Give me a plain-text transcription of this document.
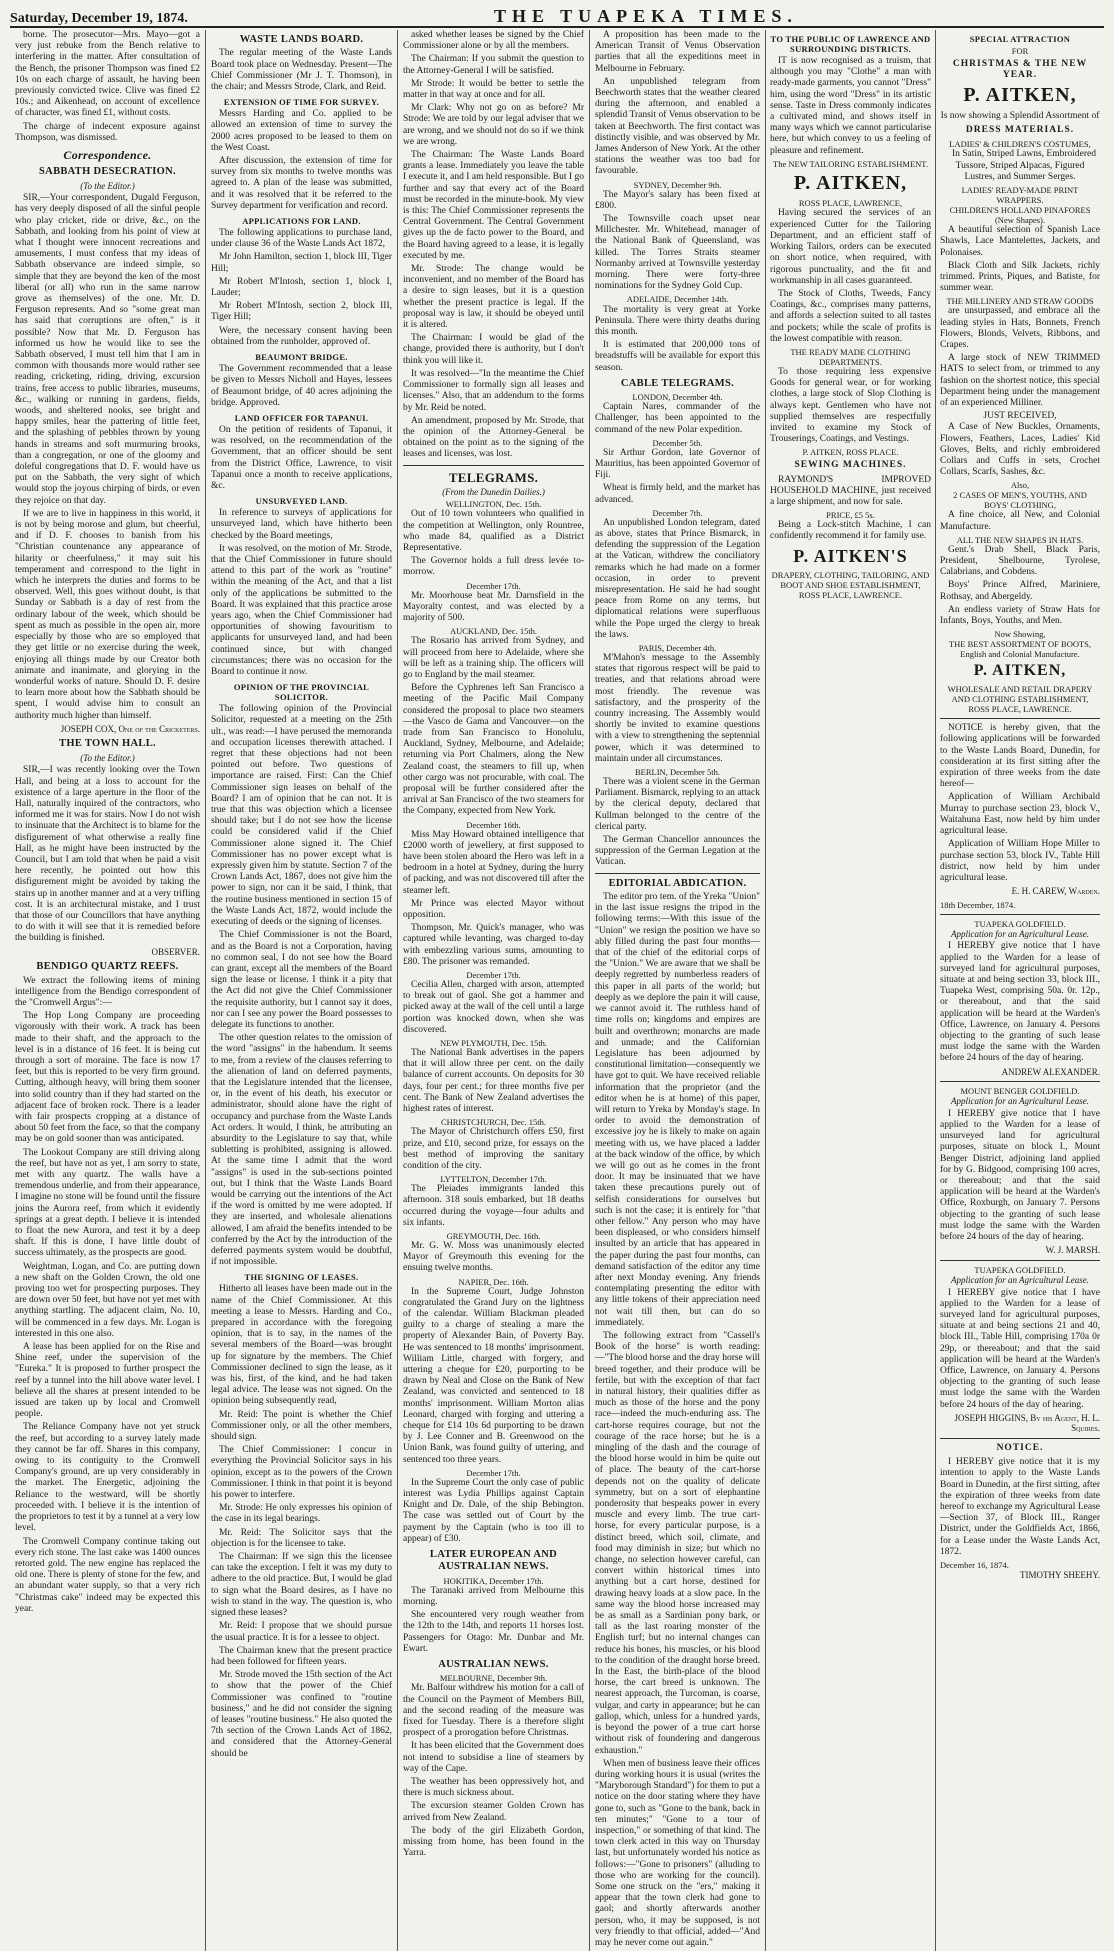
Saturday, December 19, 1874.	THE TUAPEKA TIMES.

borne. The prosecutor—Mrs. Mayo—got a very just rebuke from the Bench relative to interfering in the matter. After consultation of the Bench, the prisoner Thompson was fined £2 10s on each charge of assault, he having been previously convicted twice. Clive was fined £2 10s.; and Aikenhead, on account of excellence of character, was fined £1, without costs.

The charge of indecent exposure against Thompson, was dismissed.

Correspondence.
SABBATH DESECRATION.
(To the Editor.)

SIR,—Your correspondent, Dugald Ferguson, has very deeply disposed of all the sinful people who play cricket, ride or drive, &c., on the Sabbath, and looking from his point of view at what I thought were innocent recreations and amusements, I must confess that my ideas of Sabbath observance are indeed simple, so simple that they are beyond the ken of the most liberal (or all) who run in the same narrow grove as themselves) of the one. Mr. D. Ferguson represents. And so "some great man has said that corruptions are often," is it possible? Now that Mr. D. Ferguson has informed us how he would like to see the Sabbath observed, I must tell him that I am in common with thousands more would rather see reading, cricketing, riding, driving, excursion trains, free access to public libraries, museums, &c., walking or running in gardens, fields, woods, and sheltered nooks, see bright and happy smiles, hear the pattering of little feet, and the splashing of pebbles thrown by young hands in streams and soft murmuring brooks, than a congregation, or one of the gloomy and doleful congregations that D. F. would have us put on the Sabbath, the very sight of which would stop the joyous chirping of birds, or even they rejoice on that day.

If we are to live in happiness in this world, it is not by being morose and glum, but cheerful, and if D. F. chooses to banish from his "Christian countenance any appearance of hilarity or cheerfulness," it may suit his temperament and correspond to the light in which he interprets the duties and forms to be observed. Well, this goes without doubt, is that Sunday or Sabbath is a day of rest from the ordinary labour of the week, which should be spent as much as possible in the open air, more especially by those who are so employed that they get little or no exercise during the week, enjoying all things made by our Creator both animate and inanimate, and glorying in the wonderful works of nature. Should D. F. desire to learn more about how the Sabbath should be spent, I would advise him to consult an authority much higher than himself.

JOSEPH COX, One of the Cricketers.
THE TOWN HALL.
(To the Editor.)

SIR,—I was recently looking over the Town Hall, and being at a loss to account for the existence of a large aperture in the floor of the Hall, naturally inquired of the contractors, who informed me it was for stairs. Now I do not wish to insinuate that the Architect is to blame for the disfigurement of what otherwise a really fine Hall, as he might have been instructed by the Council, but I am told that when he paid a visit here recently, he pointed out how this disfigurement might be avoided by taking the stairs up in another manner and at a very trifling cost. It is an architectural mistake, and I trust that those of our Councillors that have anything to do with it will see that it is remedied before the building is finished.

OBSERVER.
BENDIGO QUARTZ REEFS.

We extract the following items of mining intelligence from the Bendigo correspondent of the "Cromwell Argus":—

The Hop Long Company are proceeding vigorously with their work. A track has been made to their shaft, and the approach to the level is in a distance of 16 feet. It is being cut through a sort of moraine. The face is now 17 feet, but this is reported to be very firm ground. Cutting, although heavy, will bring them sooner into solid country than if they had started on the adjacent face of broken rock. There is a leader with fair prospects cropping at a distance of about 50 feet from the face, so that the company may be on gold sooner than was anticipated.

The Lookout Company are still driving along the reef, but have not as yet, I am sorry to state, met with any quartz. The walls have a tremendous underlie, and from their appearance, I imagine no stone will be found until the fissure joins the Aurora reef, from which it evidently springs at a great depth. I believe it is intended to float the new Aurora, and test it by a deep shaft. If this is done, I have little doubt of success ultimately, as the prospects are good.

Weightman, Logan, and Co. are putting down a new shaft on the Golden Crown, the old one proving too wet for prospecting purposes. They are down over 50 feet, but have not yet met with anything startling. The adjacent claim, No. 10, will be commenced in a few days. Mr. Logan is interested in this one also.

A lease has been applied for on the Rise and Shine reef, under the supervision of the "Eureka." It is proposed to further prospect the reef by a tunnel into the hill above water level. I believe all the shares at present intended to be issued are taken up by local and Cromwell people.

The Reliance Company have not yet struck the reef, but according to a survey lately made they cannot be far off. Shares in this company, owing to its contiguity to the Cromwell Company's ground, are up very considerably in the market. The Energetic, adjoining the Reliance to the westward, will be shortly proceeded with. I believe it is the intention of the proprietors to test it by a tunnel at a very low level.

The Cromwell Company continue taking out every rich stone. The last cake was 1400 ounces retorted gold. The new engine has replaced the old one. There is plenty of stone for the few, and an abundant water supply, so that a very rich "Christmas cake" indeed may be expected this year.

WASTE LANDS BOARD.

The regular meeting of the Waste Lands Board took place on Wednesday. Present—The Chief Commissioner (Mr J. T. Thomson), in the chair; and Messrs Strode, Clark, and Reid.

EXTENSION OF TIME FOR SURVEY.

Messrs Harding and Co. applied to be allowed an extension of time to survey the 2000 acres proposed to be leased to them on the West Coast.

After discussion, the extension of time for survey from six months to twelve months was agreed to. A plan of the lease was submitted, and it was resolved that it be referred to the Survey department for verification and record.

APPLICATIONS FOR LAND.

The following applications to purchase land, under clause 36 of the Waste Lands Act 1872,

Mr John Hamilton, section 1, block III, Tiger Hill;

Mr Robert M'Intosh, section 1, block I, Lauder;

Mr Robert M'Intosh, section 2, block III, Tiger Hill;

Were, the necessary consent having been obtained from the runholder, approved of.

BEAUMONT BRIDGE.

The Government recommended that a lease be given to Messrs Nicholl and Hayes, lessees of Beaumont bridge, of 40 acres adjoining the bridge. Approved.

LAND OFFICER FOR TAPANUI.

On the petition of residents of Tapanui, it was resolved, on the recommendation of the Government, that an officer should be sent from the District Office, Lawrence, to visit Tapanui once a month to receive applications, &c.

UNSURVEYED LAND.

In reference to surveys of applications for unsurveyed land, which have hitherto been checked by the Board meetings,

It was resolved, on the motion of Mr. Strode, that the Chief Commissioner in future should attend to this part of the work as "routine" within the meaning of the Act, and that a list only of the applications be submitted to the Board. It was explained that this practice arose years ago, when the Chief Commissioner had opportunities of showing favouritism to applicants for unsurveyed land, and had been continued since, but with changed circumstances; there was no occasion for the Board to continue it now.

OPINION OF THE PROVINCIAL SOLICITOR.

The following opinion of the Provincial Solicitor, requested at a meeting on the 25th ult., was read:—I have perused the memoranda and occupation licenses therewith attached. I regret that these objections had not been pointed out before. Two questions of importance are raised. First: Can the Chief Commissioner sign leases on behalf of the Board? I am of opinion that he can not. It is true that this was objection which a licensee should take; but I do not see how the license could be considered valid if the Chief Commissioner alone signed it. The Chief Commissioner has no power except what is expressly given him by statute. Section 7 of the Crown Lands Act, 1867, does not give him the power to sign, nor can it be said, I think, that the routine business mentioned in section 15 of the Waste Lands Act, 1872, would include the executing of deeds or the signing of licenses.

The Chief Commissioner is not the Board, and as the Board is not a Corporation, having no common seal, I do not see how the Board can grant, except all the members of the Board sign the lease or license. I think it a pity that the Act did not give the Chief Commissioner the requisite authority, but I cannot say it does, nor can I see any power the Board possesses to delegate its functions to another.

The other question relates to the omission of the word "assigns" in the habendum. It seems to me, from a review of the clauses referring to the alienation of land on deferred payments, that the Legislature intended that the licensee, or, in the event of his death, his executor or administrator, should alone have the right of occupancy and purchase from the Waste Lands Act orders. It would, I think, be attributing an absurdity to the Legislature to say that, while subletting is prohibited, assigning is allowed. At the same time I admit that the word "assigns" is used in the sub-sections pointed out, but I think that the Waste Lands Board would be carrying out the intentions of the Act if the word is omitted by me were adopted. If they are inserted, and wholesale alienations allowed, I am afraid the benefits intended to be conferred by the Act by the introduction of the deferred payments system would be doubtful, if not impossible.

THE SIGNING OF LEASES.

Hitherto all leases have been made out in the name of the Chief Commissioner. At this meeting a lease to Messrs. Harding and Co., prepared in accordance with the foregoing opinion, that is to say, in the names of the several members of the Board—was brought up for signature by the members. The Chief Commissioner declined to sign the lease, as it was his, first, of the kind, and he had taken legal advice. The lease was not signed. On the opinion being subsequently read,

Mr. Reid: The point is whether the Chief Commissioner only, or all the other members, should sign.

The Chief Commissioner: I concur in everything the Provincial Solicitor says in his opinion, except as to the powers of the Crown Commissioner. I think in that point it is beyond his power to interfere.

Mr. Strode: He only expresses his opinion of the case in its legal bearings.

Mr. Reid: The Solicitor says that the objection is for the licensee to take.

The Chairman: If we sign this the licensee can take the exception. I felt it was my duty to adhere to the old practice. But, I would be glad to sign what the Board desires, as I have no wish to stand in the way. The question is, who signed these leases?

Mr. Reid: I propose that we should pursue the usual practice. It is for a lessee to object.

The Chairman knew that the present practice had been followed for fifteen years.

Mr. Strode moved the 15th section of the Act to show that the power of the Chief Commissioner was confined to "routine business," and he did not consider the signing of leases "routine business." He also quoted the 7th section of the Crown Lands Act of 1862, and considered that the Attorney-General should be

asked whether leases be signed by the Chief Commissioner alone or by all the members.

The Chairman: If you submit the question to the Attorney-General I will be satisfied.

Mr Strode: It would be better to settle the matter in that way at once and for all.

Mr Clark: Why not go on as before? Mr Strode: We are told by our legal adviser that we are wrong, and we should not do so if we think we are wrong.

The Chairman: The Waste Lands Board grants a lease. Immediately you leave the table I execute it, and I am held responsible. But I go further and say that every act of the Board must be recorded in the minute-book. My view is this: The Chief Commissioner represents the Central Government. The Central Government gives up the de facto power to the Board, and the Board having agreed to a lease, it is legally executed by me.

Mr. Strode: The change would be inconvenient, and no member of the Board has a desire to sign leases, but it is a question whether the present practice is legal. If the proposal way is law, it should be obeyed until it is altered.

The Chairman: I would be glad of the change, provided there is authority, but I don't think you will like it.

It was resolved—"In the meantime the Chief Commissioner to formally sign all leases and licenses." Also, that an addendum to the forms by Mr. Reid be noted.

An amendment, proposed by Mr. Strode, that the opinion of the Attorney-General be obtained on the point as to the signing of the leases and licenses, was lost.

TELEGRAMS.
(From the Dunedin Dailies.)
WELLINGTON, Dec. 15th.

Out of 10 town volunteers who qualified in the competition at Wellington, only Rountree, who made 84, qualified as a District Representative.

The Governor holds a full dress levée to-morrow.

December 17th.

Mr. Moorhouse beat Mr. Darnsfield in the Mayoralty contest, and was elected by a majority of 500.

AUCKLAND, Dec. 15th.

The Rosario has arrived from Sydney, and will proceed from here to Adelaide, where she will be left as a training ship. The officers will go to England by the mail steamer.

Before the Cyphrenes left San Francisco a meeting of the Pacific Mail Company considered the proposal to place two steamers—the Vasco de Gama and Vancouver—on the trade from San Francisco to Honolulu, Auckland, Sydney, Melbourne, and Adelaide; returning via Port Chalmers, along the New Zealand coast, the steamers to fill up, when other cargo was not procurable, with coal. The proposal will be further considered after the arrival at San Francisco of the two steamers for the Company, expected from New York.

December 16th.

Miss May Howard obtained intelligence that £2000 worth of jewellery, at first supposed to have been stolen aboard the Hero was left in a bedroom in a hotel at Sydney, during the hurry of packing, and was not discovered till after the steamer left.

Mr Prince was elected Mayor without opposition.

Thompson, Mr. Quick's manager, who was captured while levanting, was charged to-day with embezzling various sums, amounting to £80. The prisoner was remanded.

December 17th.

Cecilia Allen, charged with arson, attempted to break out of gaol. She got a hammer and picked away at the wall of the cell until a large portion was knocked down, when she was discovered.

NEW PLYMOUTH, Dec. 15th.

The National Bank advertises in the papers that it will allow three per cent. on the daily balance of current accounts. On deposits for 30 days, four per cent.; for three months five per cent. The Bank of New Zealand advertises the highest rates of interest.

CHRISTCHURCH, Dec. 15th.

The Mayor of Christchurch offers £50, first prize, and £10, second prize, for essays on the best method of improving the sanitary condition of the city.

LYTTELTON, December 17th.

The Pleiades immigrants landed this afternoon. 318 souls embarked, but 18 deaths occurred during the voyage—four adults and six infants.

GREYMOUTH, Dec. 16th.

Mr. G. W. Moss was unanimously elected Mayor of Greymouth this evening for the ensuing twelve months.

NAPIER, Dec. 16th.

In the Supreme Court, Judge Johnston congratulated the Grand Jury on the lightness of the calendar. William Blackman pleaded guilty to a charge of stealing a mare the property of Alexander Bain, of Poverty Bay. He was sentenced to 18 months' imprisonment. William Little, charged with forgery, and uttering a cheque for £20, purporting to be drawn by Neal and Close on the Bank of New Zealand, was convicted and sentenced to 18 months' imprisonment. William Morton alias Leonard, charged with forging and uttering a cheque for £14 10s 6d purporting to be drawn by J. Lee Conner and B. Greenwood on the Union Bank, was found guilty of uttering, and sentenced too three years.

December 17th.

In the Supreme Court the only case of public interest was Lydia Phillips against Captain Knight and Dr. Dale, of the ship Bebington. The case was settled out of Court by the payment by the Captain (who is too ill to appear) of £30.

LATER EUROPEAN AND AUSTRALIAN NEWS.
HOKITIKA, December 17th.

The Taranaki arrived from Melbourne this morning.

She encountered very rough weather from the 12th to the 14th, and reports 11 horses lost. Passengers for Otago: Mr. Dunbar and Mr. Ewart.

AUSTRALIAN NEWS.
MELBOURNE, December 9th.

Mr. Balfour withdrew his motion for a call of the Council on the Payment of Members Bill, and the second reading of the measure was fixed for Tuesday. There is a therefore slight prospect of a prorogation before Christmas.

It has been elicited that the Government does not intend to subsidise a line of steamers by way of the Cape.

The weather has been oppressively hot, and there is much sickness about.

The excursion steamer Golden Crown has arrived from New Zealand.

The body of the girl Elizabeth Gordon, missing from home, has been found in the Yarra.

A proposition has been made to the American Transit of Venus Observation parties that all the expeditions meet in Melbourne in February.

An unpublished telegram from Beechworth states that the weather cleared during the afternoon, and enabled a splendid Transit of Venus observation to be taken at Beechworth. The first contact was distinctly visible, and was observed by Mr. James Anderson of New York. At the other stations the weather was too bad for favourable.

SYDNEY, December 9th.

The Mayor's salary has been fixed at £800.

The Townsville coach upset near Millchester. Mr. Whitehead, manager of the National Bank of Queensland, was killed. The Torres Straits steamer Normanby arrived at Townsville yesterday morning. There were forty-three nominations for the Sydney Gold Cup.

ADELAIDE, December 14th.

The mortality is very great at Yorke Peninsula. There were thirty deaths during this month.

It is estimated that 200,000 tons of breadstuffs will be available for export this season.

CABLE TELEGRAMS.
LONDON, December 4th.

Captain Nares, commander of the Challenger, has been appointed to the command of the new Polar expedition.

December 5th.

Sir Arthur Gordon, late Governor of Mauritius, has been appointed Governor of Fiji.

Wheat is firmly held, and the market has advanced.

December 7th.

An unpublished London telegram, dated as above, states that Prince Bismarck, in defending the suppression of the Legation at the Vatican, withdrew the conciliatory remarks which he had made on a former occasion, in order to prevent misrepresentation. He said he had sought peace from Rome on any terms, but diplomatical relations were superfluous while the Pope urged the clergy to break the laws.

PARIS, December 4th.

M'Mahon's message to the Assembly states that rigorous respect will be paid to treaties, and that relations abroad were most friendly. The revenue was satisfactory, and the prosperity of the country increasing. The Assembly would shortly be invited to examine questions with a view to strengthening the septennial power, which it was determined to maintain under all circumstances.

BERLIN, December 5th.

There was a violent scene in the German Parliament. Bismarck, replying to an attack by the clerical deputy, declared that Kullman belonged to the centre of the clerical party.

The German Chancellor announces the suppression of the German Legation at the Vatican.

EDITORIAL ABDICATION.

The editor pro tem. of the Yreka "Union" in the last issue resigns the tripod in the following terms:—With this issue of the "Union" we resign the position we have so ably filled during the past four months—that of the chief of the editorial corps of the "Union." We are aware that we shall be deeply regretted by numberless readers of this paper in all parts of the world; but deeply as we deplore the pain it will cause, we cannot avoid it. The ruthless hand of time rolls on; kingdoms and empires are built and overthrown; monarchs are made and unmade; and the Californian Legislature has been adjourned by constitutional limitation—consequently we have got to quit. We have received reliable information that the proprietor (and the editor when he is at home) of this paper, will return to Yreka by Monday's stage. In order to avoid the demonstration of excessive joy he is likely to make on again meeting with us, we have placed a ladder at the back window of the office, by which we will go out as he comes in the front door. It may be insinuated that we have taken these precautions purely out of selfish considerations for ourselves but such is not the case; it is entirely for "that other fellow." Any person who may have been displeased, or who considers himself insulted by an article that has appeared in the paper during the past four months, can demand satisfaction of the editor any time after next Monday evening. Any friends contemplating presenting the editor with any little tokens of their appreciation need not wait till then, but can do so immediately.

The following extract from "Cassell's Book of the horse" is worth reading:—"The blood horse and the dray horse will breed together, and their produce will be fertile, but with the exception of that fact in natural history, their qualities differ as much as those of the horse and the pony race—indeed the much-enduring ass. The cart-horse requires courage, but not the courage of the race horse; but he is a mingling of the dash and the courage of the blood horse would in him be quite out of place. The beauty of the cart-horse depends not on the quality of delicate symmetry, but on a sort of elephantine ponderosity that bespeaks power in every muscle and every limb. The true cart-horse, for every particular purpose, is a distinct breed, which soil, climate, and food may diminish in size; but which no change, no selection however careful, can convert within historical times into anything but a cart horse, destined for drawing heavy loads at a slow pace. In the same way the blood horse increased may be as small as a Sardinian pony bark, or tall as the last roaring monster of the English turf; but no internal changes can reduce his bones, his muscles, or his blood to the condition of the draught horse breed. In the East, the birth-place of the blood horse, the cart breed is unknown. The nearest approach, the Turcoman, is coarse, vulgar, and carty in appearance; but he can gallop, which, unless for a hundred yards, is beyond the power of a true cart horse without risk of foundering and dangerous exhaustion."

When men of business leave their offices during working hours it is usual (writes the "Maryborough Standard") for them to put a notice on the door stating where they have gone to, such as "Gone to the bank, back in ten minutes;" "Gone to a tour of inspection," or something of that kind. The town clerk acted in this way on Thursday last, but unfortunately worded his notice as follows:—"Gone to prisoners" (alluding to those who are working for the council). Some one struck on the "ers," making it appear that the town clerk had gone to gaol; and shortly afterwards another person, who, it may be supposed, is not very friendly to that official, added—"And may he never come out again."

TO THE PUBLIC OF LAWRENCE AND SURROUNDING DISTRICTS.

IT is now recognised as a truism, that although you may "Clothe" a man with ready-made garments, you cannot "Dress" him, using the word "Dress" in its artistic sense. Taste in Dress commonly indicates a cultivated mind, and shows itself in many ways which we cannot particularise here, but which convey to us a feeling of pleasure and refinement.

The NEW TAILORING ESTABLISHMENT.
P. AITKEN,
ROSS PLACE, LAWRENCE,

Having secured the services of an experienced Cutter for the Tailoring Department, and an efficient staff of Working Tailors, orders can be executed on short notice, when required, with rigorous punctuality, and the fit and workmanship in all cases guaranteed.

The Stock of Cloths, Tweeds, Fancy Coatings, &c., comprises many patterns, and affords a selection suited to all tastes and pockets; while the scale of profits is the lowest compatible with reason.

THE READY MADE CLOTHING DEPARTMENTS.

To those requiring less expensive Goods for general wear, or for working clothes, a large stock of Slop Clothing is always kept. Gentlemen who have not supplied themselves are respectfully invited to examine my Stock of Trouserings, Coatings, and Vestings.

P. AITKEN, ROSS PLACE.
SEWING MACHINES.

RAYMOND'S IMPROVED HOUSEHOLD MACHINE, just received a large shipment, and now for sale.

PRICE, £5 5s.

Being a Lock-stitch Machine, I can confidently recommend it for family use.

P. AITKEN'S
DRAPERY, CLOTHING, TAILORING, AND BOOT AND SHOE ESTABLISHMENT,
ROSS PLACE, LAWRENCE.
SPECIAL ATTRACTION
FOR
CHRISTMAS & THE NEW YEAR.
P. AITKEN,
Is now showing a Splendid Assortment of
DRESS MATERIALS.
LADIES' & CHILDREN'S COSTUMES,

In Satin, Striped Lawns, Embroidered Tussore, Striped Alpacas, Figured Lustres, and Summer Serges.

LADIES' READY-MADE PRINT WRAPPERS.
CHILDREN'S HOLLAND PINAFORES (New Shapes).

A beautiful selection of Spanish Lace Shawls, Lace Mantelettes, Jackets, and Polonaises.

Black Cloth and Silk Jackets, richly trimmed. Prints, Piques, and Batiste, for summer wear.

THE MILLINERY AND STRAW GOODS

are unsurpassed, and embrace all the leading styles in Hats, Bonnets, French Flowers, Blonds, Velvets, Ribbons, and Crapes.

A large stock of NEW TRIMMED HATS to select from, or trimmed to any fashion on the shortest notice, this special Department being under the management of an experienced Milliner.

JUST RECEIVED,

A Case of New Buckles, Ornaments, Flowers, Feathers, Laces, Ladies' Kid Gloves, Belts, and richly embroidered Collars and Cuffs in sets, Crochet Collars, Scarfs, Sashes, &c.

Also,
2 CASES OF MEN'S, YOUTHS, AND BOYS' CLOTHING,

A fine choice, all New, and Colonial Manufacture.

ALL THE NEW SHAPES IN HATS.

Gent.'s Drab Shell, Black Paris, President, Shelbourne, Tyrolese, Calabrians, and Cobdens.

Boys' Prince Alfred, Mariniere, Rothsay, and Abergeldy.

An endless variety of Straw Hats for Infants, Boys, Youths, and Men.

Now Showing,
THE BEST ASSORTMENT OF BOOTS,
English and Colonial Manufacture.
P. AITKEN,
WHOLESALE AND RETAIL DRAPERY AND CLOTHING ESTABLISHMENT,
ROSS PLACE, LAWRENCE.

NOTICE is hereby given, that the following applications will be forwarded to the Waste Lands Board, Dunedin, for consideration at its first sitting after the expiration of three weeks from the date hereof—

Application of William Archibald Murray to purchase section 23, block V., Waitahuna East, now held by him under agricultural lease.

Application of William Hope Miller to purchase section 53, block IV., Table Hill district, now held by him under agricultural lease.

E. H. CAREW, Warden.
18th December, 1874.
TUAPEKA GOLDFIELD.
Application for an Agricultural Lease.

I HEREBY give notice that I have applied to the Warden for a lease of surveyed land for agricultural purposes, situate at and being section 33, block III., Tuapeka West, comprising 50a. 0r. 12p., or thereabout, and that the said application will be heard at the Warden's Office, Lawrence, on January 4. Persons objecting to the granting of such lease must lodge the same with the Warden before 24 hours of the day of hearing.

ANDREW ALEXANDER.
MOUNT BENGER GOLDFIELD.
Application for an Agricultural Lease.

I HEREBY give notice that I have applied to the Warden for a lease of unsurveyed land for agricultural purposes, situate on block I., Mount Benger District, adjoining land applied for by G. Bidgood, comprising 100 acres, or thereabout; and that the said application will be heard at the Warden's Office, Roxburgh, on January 7. Persons objecting to the granting of such lease must lodge the same with the Warden before 24 hours of the day of hearing.

W. J. MARSH.
TUAPEKA GOLDFIELD.
Application for an Agricultural Lease.

I HEREBY give notice that I have applied to the Warden for a lease of surveyed land for agricultural purposes, situate at and being sections 21 and 40, block III., Table Hill, comprising 170a 0r 29p, or thereabout; and that the said application will be heard at the Warden's Office, Lawrence, on January 4. Persons objecting to the granting of such lease must lodge the same with the Warden before 24 hours of the day of hearing.

JOSEPH HIGGINS, By his Agent, H. L. Squires.
NOTICE.

I HEREBY give notice that it is my intention to apply to the Waste Lands Board in Dunedin, at the first sitting, after the expiration of three weeks from date hereof to exchange my Agricultural Lease—Section 37, of Block III., Ranger District, under the Goldfields Act, 1866, for a Lease under the Waste Lands Act, 1872.

December 16, 1874.
TIMOTHY SHEEHY.
